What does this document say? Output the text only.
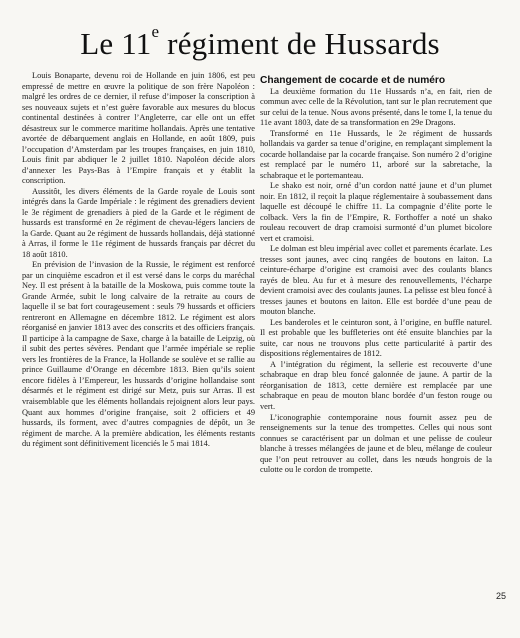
Le 11e régiment de Hussards

Louis Bonaparte, devenu roi de Hollande en juin 1806, est peu empressé de mettre en œuvre la politique de son frère Napoléon : malgré les ordres de ce dernier, il refuse d’imposer la conscription à ses nouveaux sujets et n’est guère favorable aux mesures du blocus continental destinées à contrer l’Angleterre, car elle ont un effet désastreux sur le commerce maritime hollandais. Après une tentative avortée de débarquement anglais en Hollande, en août 1809, puis l’occupation d’Amsterdam par les troupes françaises, en juin 1810, Louis finit par abdiquer le 2 juillet 1810. Napoléon décide alors d’annexer les Pays-Bas à l’Empire français et y établit la conscription.

Aussitôt, les divers éléments de la Garde royale de Louis sont intégrés dans la Garde Impériale : le régiment des grenadiers devient le 3e régiment de grenadiers à pied de la Garde et le régiment de hussards est transformé en 2e régiment de chevau-légers lanciers de la Garde. Quant au 2e régiment de hussards hollandais, déjà stationné à Arras, il forme le 11e régiment de hussards français par décret du 18 août 1810.

En prévision de l’invasion de la Russie, le régiment est renforcé par un cinquième escadron et il est versé dans le corps du maréchal Ney. Il est présent à la bataille de la Moskowa, puis comme toute la Grande Armée, subit le long calvaire de la retraite au cours de laquelle il se bat fort courageusement : seuls 79 hussards et officiers rentreront en Allemagne en décembre 1812. Le régiment est alors réorganisé en janvier 1813 avec des conscrits et des officiers français. Il participe à la campagne de Saxe, charge à la bataille de Leipzig, où il subit des pertes sévères. Pendant que l’armée impériale se replie vers les frontières de la France, la Hollande se soulève et se rallie au prince Guillaume d’Orange en décembre 1813. Bien qu’ils soient encore fidèles à l’Empereur, les hussards d’origine hollandaise sont désarmés et le régiment est dirigé sur Metz, puis sur Arras. Il est vraisemblable que les éléments hollandais rejoignent alors leur pays. Quant aux hommes d’origine française, soit 2 officiers et 49 hussards, ils forment, avec d’autres compagnies de dépôt, un 3e régiment de marche. A la première abdication, les éléments restants du régiment sont définitivement licenciés le 5 mai 1814.

Changement de cocarde et de numéro

La deuxième formation du 11e Hussards n’a, en fait, rien de commun avec celle de la Révolution, tant sur le plan recrutement que sur celui de la tenue. Nous avons présenté, dans le tome I, la tenue du 11e avant 1803, date de sa transformation en 29e Dragons.

Transformé en 11e Hussards, le 2e régiment de hussards hollandais va garder sa tenue d’origine, en remplaçant simplement la cocarde hollandaise par la cocarde française. Son numéro 2 d’origine est remplacé par le numéro 11, arboré sur la sabretache, la schabraque et le portemanteau.

Le shako est noir, orné d’un cordon natté jaune et d’un plumet noir. En 1812, il reçoit la plaque réglementaire à soubassement dans laquelle est découpé le chiffre 11. La compagnie d’élite porte le colback. Vers la fin de l’Empire, R. Forthoffer a noté un shako rouleau recouvert de drap cramoisi surmonté d’un plumet bicolore vert et cramoisi.

Le dolman est bleu impérial avec collet et parements écarlate. Les tresses sont jaunes, avec cinq rangées de boutons en laiton. La ceinture-écharpe d’origine est cramoisi avec des coulants blancs rayés de bleu. Au fur et à mesure des renouvellements, l’écharpe devient cramoisi avec des coulants jaunes. La pelisse est bleu foncé à tresses jaunes et boutons en laiton. Elle est bordée d’une peau de mouton blanche.

Les banderoles et le ceinturon sont, à l’origine, en buffle naturel. Il est probable que les buffleteries ont été ensuite blanchies par la suite, car nous ne trouvons plus cette particularité à partir des dispositions réglementaires de 1812.

A l’intégration du régiment, la sellerie est recouverte d’une schabraque en drap bleu foncé galonnée de jaune. A partir de la réorganisation de 1813, cette dernière est remplacée par une schabraque en peau de mouton blanc bordée d’un feston rouge ou vert.

L’iconographie contemporaine nous fournit assez peu de renseignements sur la tenue des trompettes. Celles qui nous sont connues se caractérisent par un dolman et une pelisse de couleur blanche à tresses mélangées de jaune et de bleu, mélange de couleur que l’on peut retrouver au collet, dans les nœuds hongrois de la culotte ou le cordon de trompette.

25
